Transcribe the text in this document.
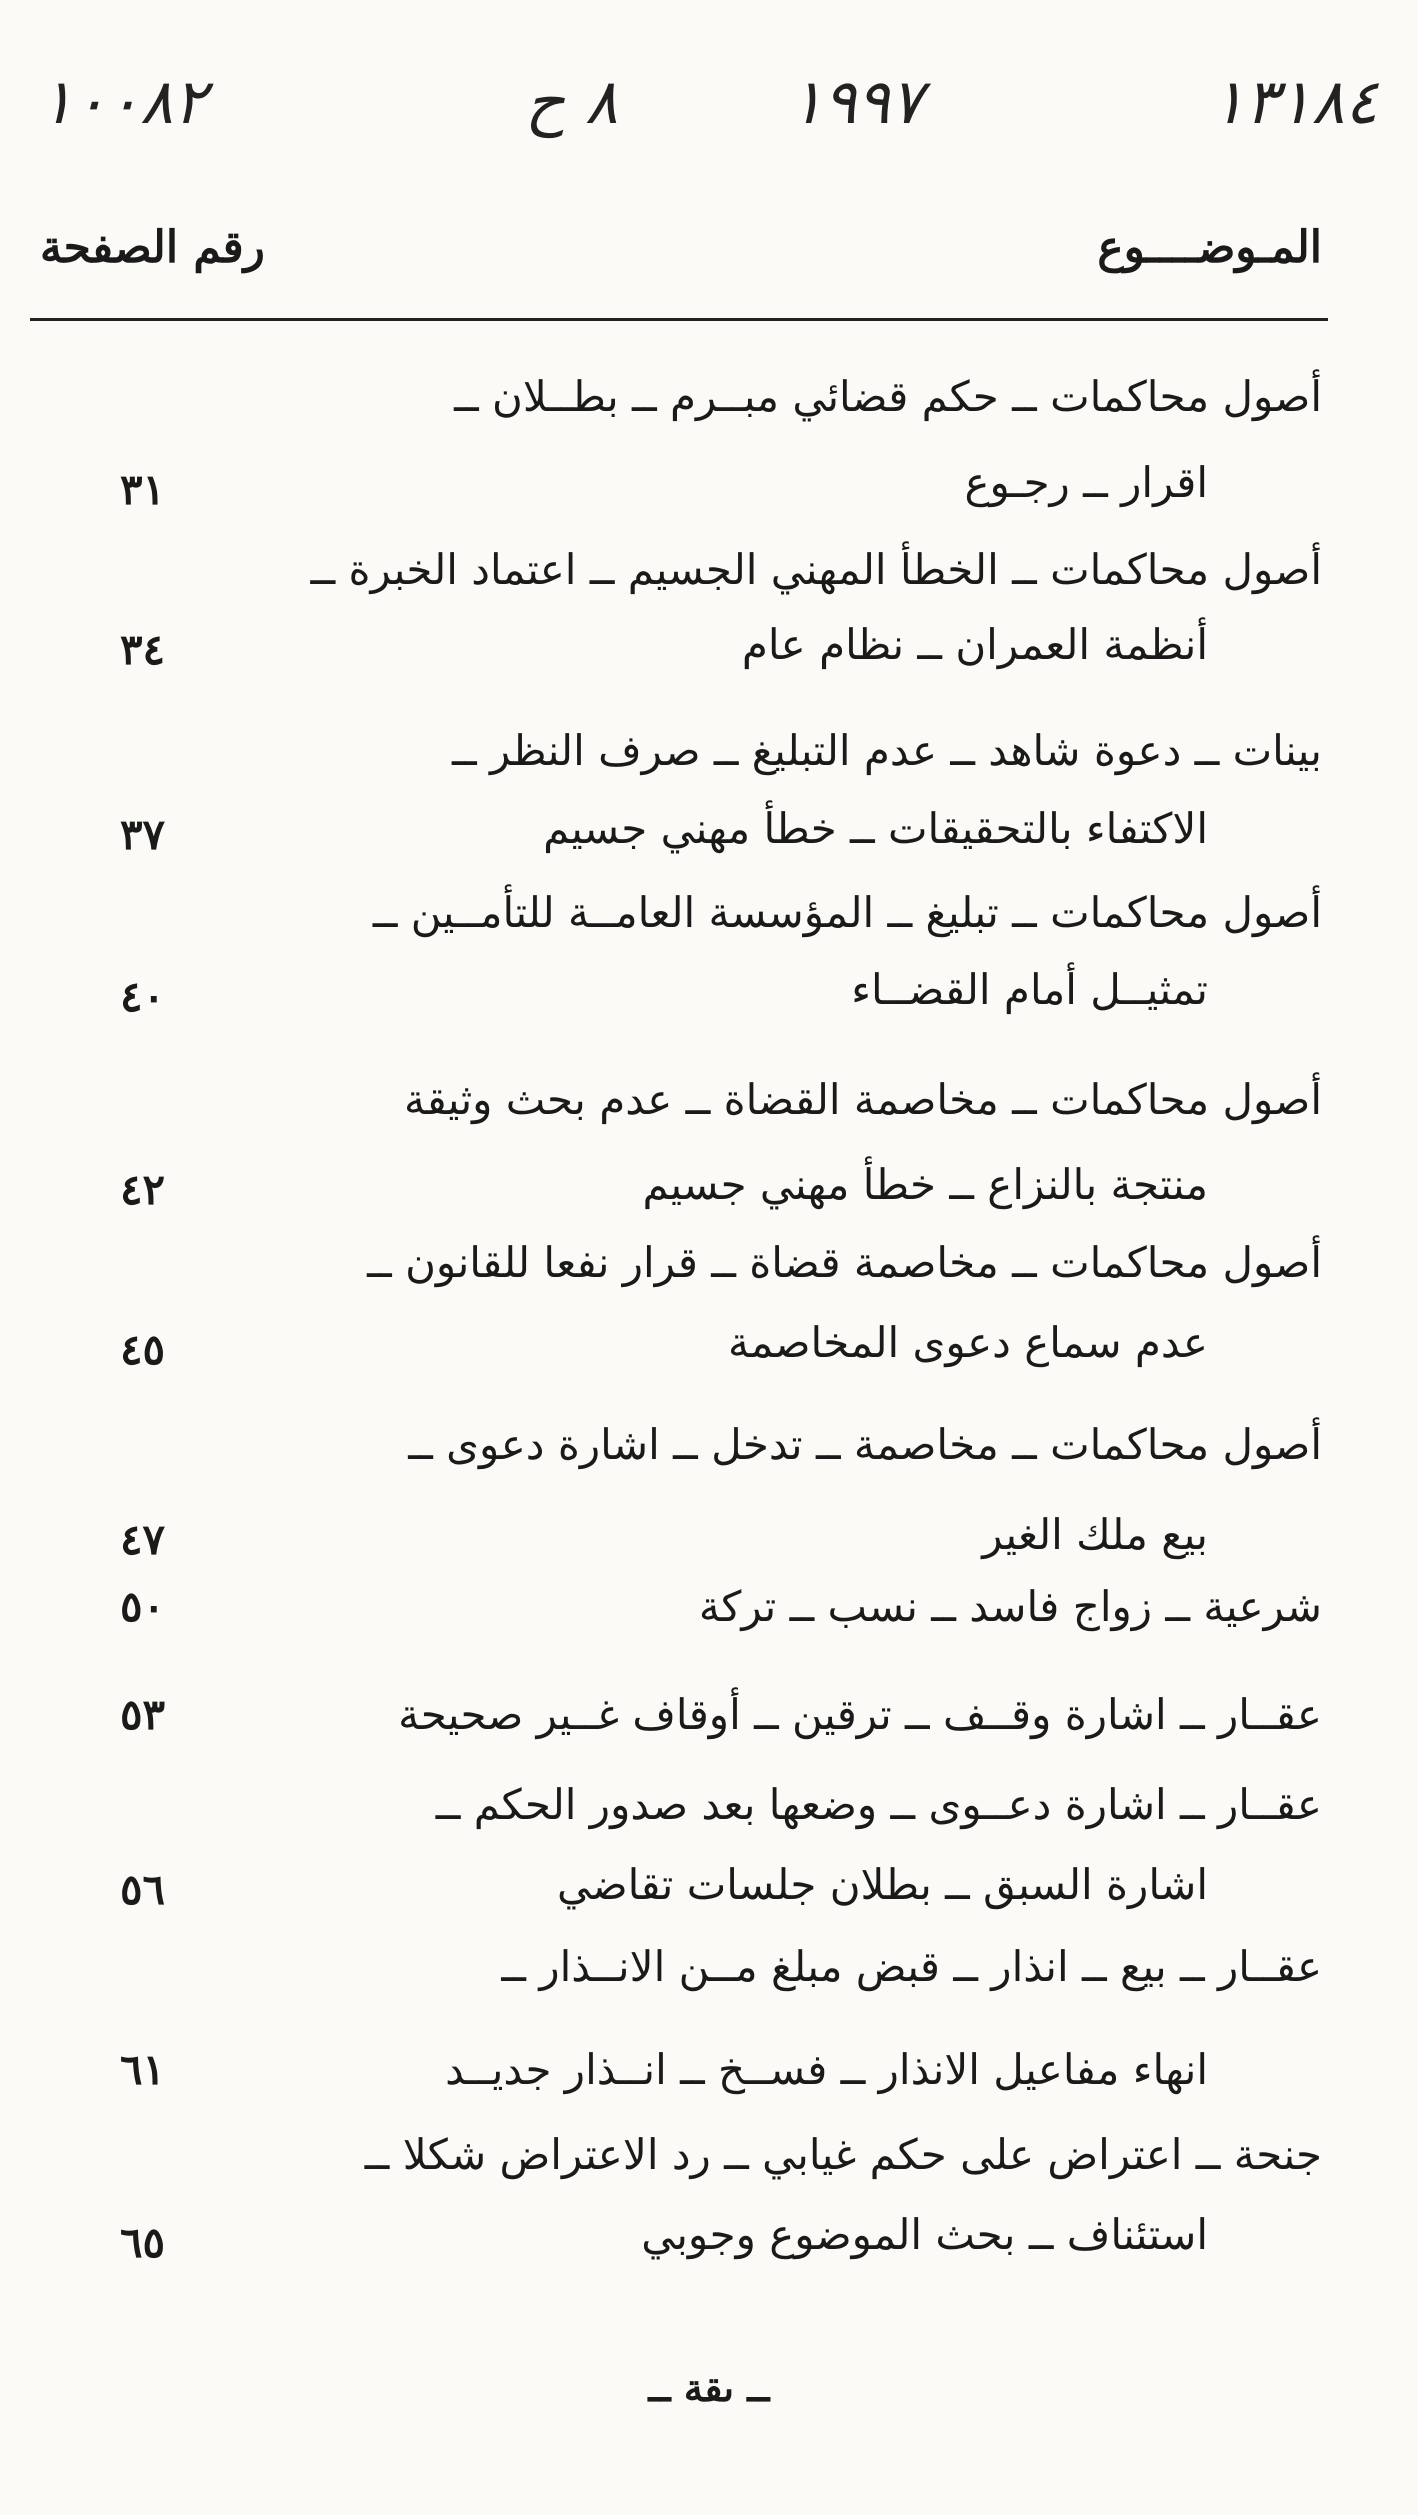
١٠٠٨٢	٨ ح	١٩٩٧	١٣١٨٤
المـوضــــوع
رقم الصفحة
أصول محاكمات ــ حكم قضائي مبــرم ــ بطــلان ــ
اقرار ــ رجـوع
٣١
أصول محاكمات ــ الخطأ المهني الجسيم ــ اعتماد الخبرة ــ
أنظمة العمران ــ نظام عام
٣٤
بينات ــ دعوة شاهد ــ عدم التبليغ ــ صرف النظر ــ
الاكتفاء بالتحقيقات ــ خطأ مهني جسيم
٣٧
أصول محاكمات ــ تبليغ ــ المؤسسة العامــة للتأمــين ــ
تمثيــل أمام القضــاء
٤٠
أصول محاكمات ــ مخاصمة القضاة ــ عدم بحث وثيقة
منتجة بالنزاع ــ خطأ مهني جسيم
٤٢
أصول محاكمات ــ مخاصمة قضاة ــ قرار نفعا للقانون ــ
عدم سماع دعوى المخاصمة
٤٥
أصول محاكمات ــ مخاصمة ــ تدخل ــ اشارة دعوى ــ
بيع ملك الغير
٤٧
شرعية ــ زواج فاسد ــ نسب ــ تركة
٥٠
عقــار ــ اشارة وقــف ــ ترقين ــ أوقاف غــير صحيحة
٥٣
عقــار ــ اشارة دعــوى ــ وضعها بعد صدور الحكم ــ
اشارة السبق ــ بطلان جلسات تقاضي
٥٦
عقــار ــ بيع ــ انذار ــ قبض مبلغ مــن الانــذار ــ
انهاء مفاعيل الانذار ــ فســخ ــ انــذار جديــد
٦١
جنحة ــ اعتراض على حكم غيابي ــ رد الاعتراض شكلا ــ
استئناف ــ بحث الموضوع وجوبي
٦٥
ــ ىقة ــ
